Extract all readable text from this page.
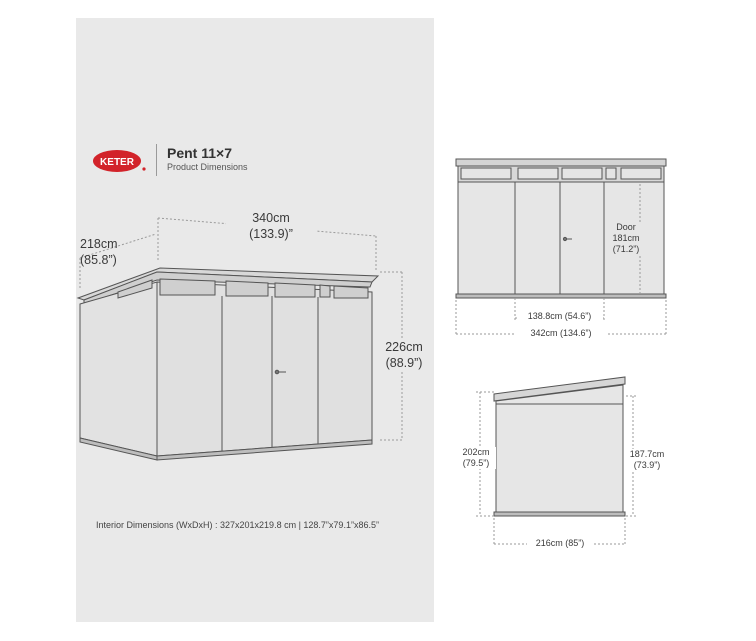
KETER
Pent 11×7
Product Dimensions
340cm
(133.9)”
218cm
(85.8”)
226cm
(88.9”)
Door
181cm
(71.2”)
138.8cm (54.6”)
342cm (134.6”)
202cm
(79.5”)
187.7cm
(73.9”)
216cm (85”)
Interior Dimensions (WxDxH) : 327x201x219.8 cm | 128.7”x79.1”x86.5”
